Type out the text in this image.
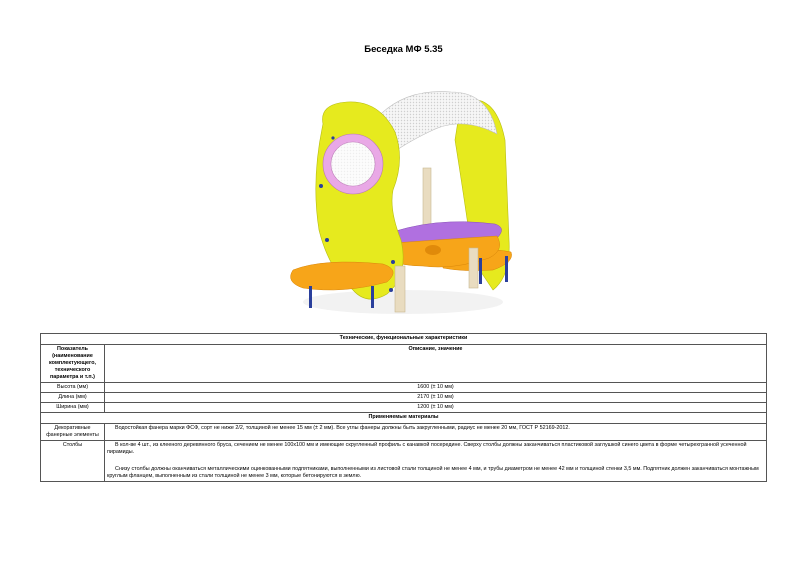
Беседка МФ 5.35
Технические, функциональные характеристики	
Показатель (наименование комплектующего, технического параметра и т.п.)	Описание, значение
Высота (мм)	1600 (± 10 мм)
Длина (мм)	2170 (± 10 мм)
Ширина (мм)	1200 (± 10 мм)
Применяемые материалы	
Декоративные фанерные элементы	Водостойкая фанера марки ФСФ, сорт не ниже 2/2, толщиной не менее 15 мм (± 2 мм). Все углы фанеры должны быть закругленными, радиус не менее 20 мм, ГОСТ Р 52169-2012.

Столбы	В кол-ве 4 шт., из клееного деревянного бруса, сечением не менее 100х100 мм и имеющие скругленный профиль с канавкой посередине. Сверху столбы должны заканчиваться пластиковой заглушкой синего цвета в форме четырехгранной усеченной пирамиды.

Снизу столбы должны оканчиваться металлическими оцинкованными подпятниками, выполненными из листовой стали толщиной не менее 4 мм, и трубы диаметром не менее 42 мм и толщиной стенки 3,5 мм. Подпятник должен заканчиваться монтажным круглым фланцем, выполненным из стали толщиной не менее 3 мм, которые бетонируются в землю.
